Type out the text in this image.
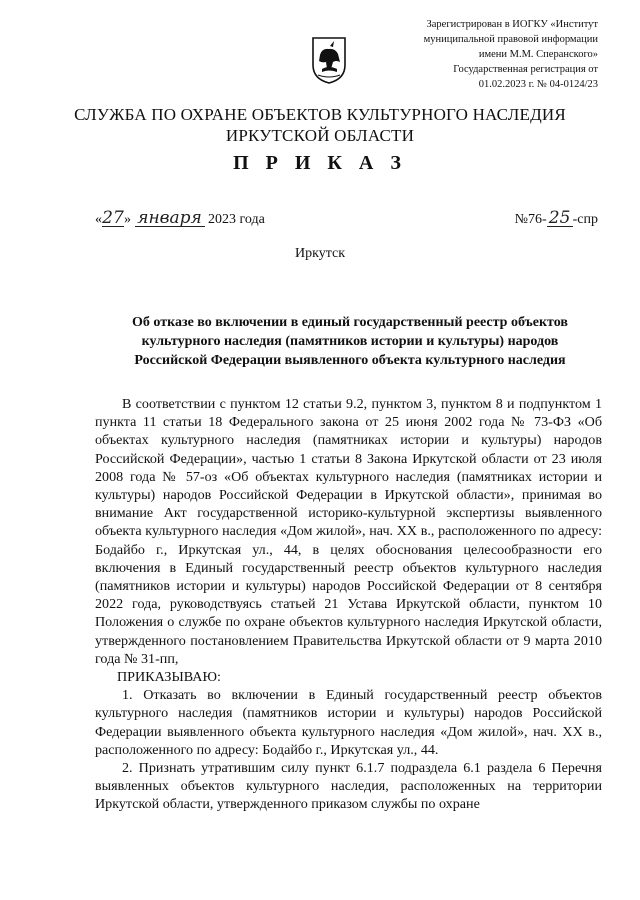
Зарегистрирован в ИОГКУ «Институт
муниципальной правовой информации
имени М.М. Сперанского»
Государственная регистрация от
01.02.2023 г. № 04-0124/23
СЛУЖБА ПО ОХРАНЕ ОБЪЕКТОВ КУЛЬТУРНОГО НАСЛЕДИЯ
ИРКУТСКОЙ ОБЛАСТИ
П Р И К А З
«27» января 2023 года	№76- 25 -спр
Иркутск
Об отказе во включении в единый государственный реестр объектов
культурного наследия (памятников истории и культуры) народов
Российской Федерации выявленного объекта культурного наследия

В соответствии с пунктом 12 статьи 9.2, пунктом 3, пунктом 8 и подпунктом 1 пункта 11 статьи 18 Федерального закона от 25 июня 2002 года № 73-ФЗ «Об объектах культурного наследия (памятниках истории и культуры) народов Российской Федерации», частью 1 статьи 8 Закона Иркутской области от 23 июля 2008 года № 57-оз «Об объектах культурного наследия (памятниках истории и культуры) народов Российской Федерации в Иркутской области», принимая во внимание Акт государственной историко-культурной экспертизы выявленного объекта культурного наследия «Дом жилой», нач. XX в., расположенного по адресу: Бодайбо г., Иркутская ул., 44, в целях обоснования целесообразности его включения в Единый государственный реестр объектов культурного наследия (памятников истории и культуры) народов Российской Федерации от 8 сентября 2022 года, руководствуясь статьей 21 Устава Иркутской области, пунктом 10 Положения о службе по охране объектов культурного наследия Иркутской области, утвержденного постановлением Правительства Иркутской области от 9 марта 2010 года № 31-пп,

ПРИКАЗЫВАЮ:

1. Отказать во включении в Единый государственный реестр объектов культурного наследия (памятников истории и культуры) народов Российской Федерации выявленного объекта культурного наследия «Дом жилой», нач. XX в., расположенного по адресу: Бодайбо г., Иркутская ул., 44.

2. Признать утратившим силу пункт 6.1.7 подраздела 6.1 раздела 6 Перечня выявленных объектов культурного наследия, расположенных на территории Иркутской области, утвержденного приказом службы по охране
